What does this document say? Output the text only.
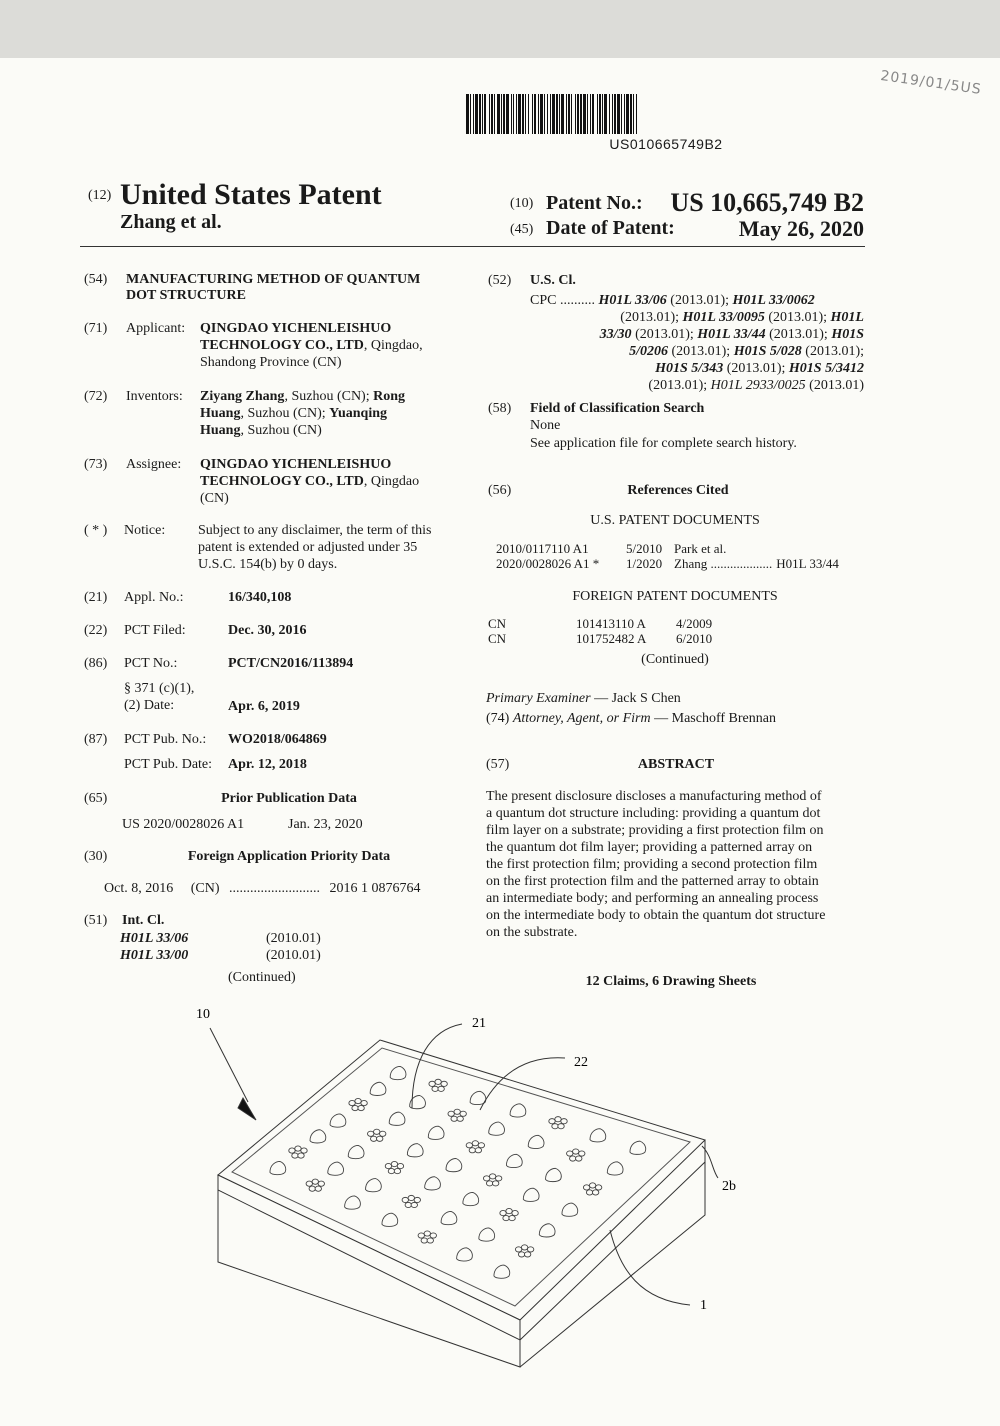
2019/01/5US
US010665749B2
(12) United States Patent
Zhang et al.
(10) Patent No.: US 10,665,749 B2
(45) Date of Patent:	May 26, 2020
(54) MANUFACTURING METHOD OF QUANTUM
DOT STRUCTURE
(71) Applicant: QINGDAO YICHENLEISHUO
TECHNOLOGY CO., LTD, Qingdao,
Shandong Province (CN)
(72) Inventors: Ziyang Zhang, Suzhou (CN); Rong
Huang, Suzhou (CN); Yuanqing
Huang, Suzhou (CN)
(73) Assignee: QINGDAO YICHENLEISHUO
TECHNOLOGY CO., LTD, Qingdao
(CN)
( * ) Notice: Subject to any disclaimer, the term of this
patent is extended or adjusted under 35
U.S.C. 154(b) by 0 days.
(21) Appl. No.:	16/340,108
(22) PCT Filed:	Dec. 30, 2016
(86) PCT No.:	PCT/CN2016/113894
§ 371 (c)(1),
(2) Date:	Apr. 6, 2019
(87) PCT Pub. No.: WO2018/064869
PCT Pub. Date: Apr. 12, 2018
(65)	Prior Publication Data
US 2020/0028026 A1	Jan. 23, 2020
(30)	Foreign Application Priority Data
Oct. 8, 2016 (CN) .......................... 2016 1 0876764
(51) Int. Cl.
H01L 33/06	(2010.01)
H01L 33/00	(2010.01)
(Continued)
(52) U.S. Cl.
CPC .......... H01L 33/06 (2013.01); H01L 33/0062
(2013.01); H01L 33/0095 (2013.01); H01L
33/30 (2013.01); H01L 33/44 (2013.01); H01S
5/0206 (2013.01); H01S 5/028 (2013.01);
H01S 5/343 (2013.01); H01S 5/3412
(2013.01); H01L 2933/0025 (2013.01)
(58) Field of Classification Search
None
See application file for complete search history.
(56)	References Cited
U.S. PATENT DOCUMENTS
2010/0117110 A1	5/2010 Park et al.
2020/0028026 A1 * 1/2020 Zhang ................... H01L 33/44
FOREIGN PATENT DOCUMENTS
CN	101413110 A 4/2009
CN	101752482 A 6/2010
(Continued)
Primary Examiner — Jack S Chen
(74) Attorney, Agent, or Firm — Maschoff Brennan
(57)	ABSTRACT
The present disclosure discloses a manufacturing method of
a quantum dot structure including: providing a quantum dot
film layer on a substrate; providing a first protection film on
the quantum dot film layer; providing a patterned array on
the first protection film; providing a second protection film
on the first protection film and the patterned array to obtain
an intermediate body; and performing an annealing process
on the intermediate body to obtain the quantum dot structure
on the substrate.
12 Claims, 6 Drawing Sheets
10
21
22
2b
1
